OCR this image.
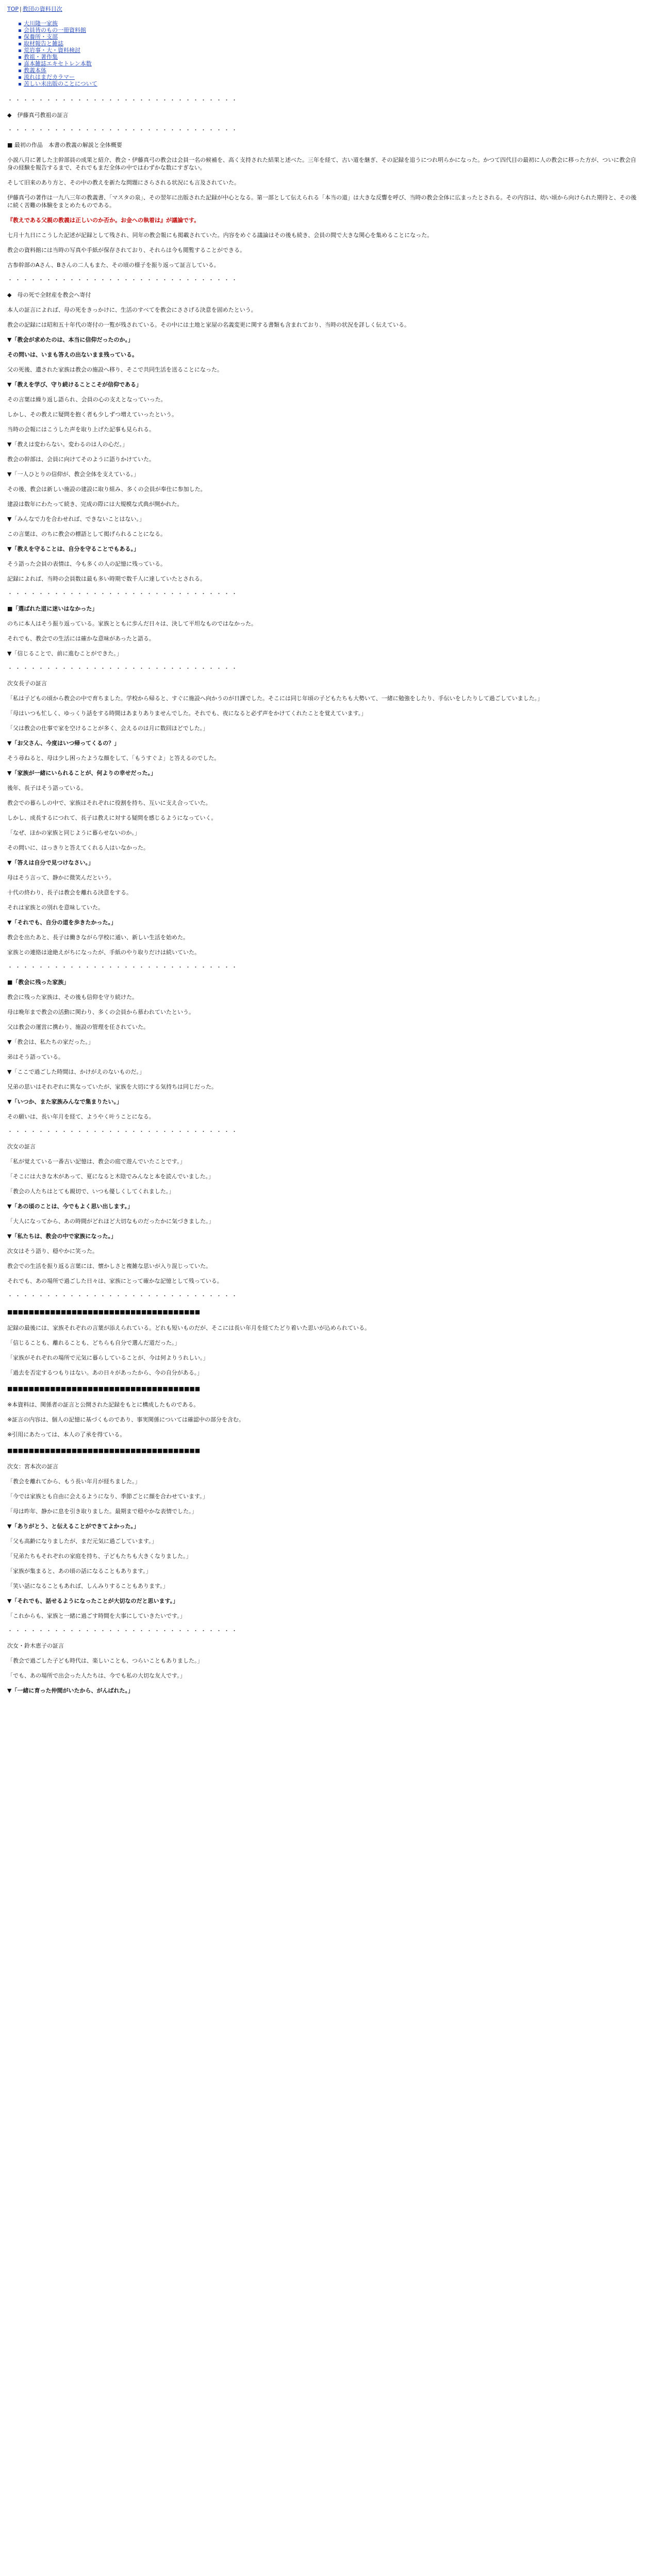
TOP | 教団の資料目次
大川隆一家族
会員皆のもの一冊資料館
保養所・支部
取材報告と雑誌
荒岩事・大・資料検討
教祖・著作集
喜本雑誌エキセトレン本数
教義本体
流れはまだカラマー
苦しい未出版のことについて
・・・・・・・・・・・・・・・・・・・・・・・・・・・・・・
◆　伊藤真弓教祖の証言
・・・・・・・・・・・・・・・・・・・・・・・・・・・・・・
■ 最初の作品　本書の教義の解説と全体概要
小説八月に著した主幹部員の成果と紹介、教会・伊藤真弓の教会は会員一名の候補を、高く支持された結果と述べた。三年を経て、古い道を継ぎ、その記録を追うにつれ明らかになった。かつて四代目の最初に人の教会に移った方が、ついに教会自身の経験を報告するまで、それでもまだ全体の中ではわずかな数にすぎない。
そして旧来のあり方と、その中の教えを新たな問題にさらされる状況にも言及されていた。
伊藤真弓の著作は一九八三年の教義書、「マスタの泉」、その翌年に出版された記録が中心となる。第一部として伝えられる「本当の道」は大きな反響を呼び、当時の教会全体に広まったとされる。その内容は、幼い頃から向けられた期待と、その後に続く苦難の体験をまとめたものである。
『教えである父親の教義は正しいのか否か。お金への執着は』が議論です。
七月十九日にこうした記述が記録として残され、同年の教会報にも掲載されていた。内容をめぐる議論はその後も続き、会員の間で大きな関心を集めることになった。
教会の資料館には当時の写真や手紙が保存されており、それらは今も閲覧することができる。
古参幹部のAさん、Bさんの二人もまた、その頃の様子を振り返って証言している。
・・・・・・・・・・・・・・・・・・・・・・・・・・・・・・
◆　母の死で全財産を教会へ寄付
本人の証言によれば、母の死をきっかけに、生活のすべてを教会にささげる決意を固めたという。
教会の記録には昭和五十年代の寄付の一覧が残されている。その中には土地と家屋の名義変更に関する書類も含まれており、当時の状況を詳しく伝えている。
▼「教会が求めたのは、本当に信仰だったのか。」
その問いは、いまも答えの出ないまま残っている。
父の死後、遺された家族は教会の施設へ移り、そこで共同生活を送ることになった。
▼「教えを学び、守り続けることこそが信仰である」
その言葉は繰り返し語られ、会員の心の支えとなっていった。
しかし、その教えに疑問を抱く者も少しずつ増えていったという。
当時の会報にはこうした声を取り上げた記事も見られる。
▼「教えは変わらない。変わるのは人の心だ。」
教会の幹部は、会員に向けてそのように語りかけていた。
▼「一人ひとりの信仰が、教会全体を支えている。」
その後、教会は新しい施設の建設に取り組み、多くの会員が奉仕に参加した。
建設は数年にわたって続き、完成の際には大規模な式典が開かれた。
▼「みんなで力を合わせれば、できないことはない。」
この言葉は、のちに教会の標語として掲げられることになる。
▼「教えを守ることは、自分を守ることでもある。」
そう語った会員の表情は、今も多くの人の記憶に残っている。
記録によれば、当時の会員数は最も多い時期で数千人に達していたとされる。
・・・・・・・・・・・・・・・・・・・・・・・・・・・・・・
■「選ばれた道に迷いはなかった」
のちに本人はそう振り返っている。家族とともに歩んだ日々は、決して平坦なものではなかった。
それでも、教会での生活には確かな意味があったと語る。
▼「信じることで、前に進むことができた。」
・・・・・・・・・・・・・・・・・・・・・・・・・・・・・・
次女長子の証言
「私は子どもの頃から教会の中で育ちました。学校から帰ると、すぐに施設へ向かうのが日課でした。そこには同じ年頃の子どもたちも大勢いて、一緒に勉強をしたり、手伝いをしたりして過ごしていました。」
「母はいつも忙しく、ゆっくり話をする時間はあまりありませんでした。それでも、夜になると必ず声をかけてくれたことを覚えています。」
「父は教会の仕事で家を空けることが多く、会えるのは月に数回ほどでした。」
▼「お父さん、今度はいつ帰ってくるの？」
そう尋ねると、母は少し困ったような顔をして、「もうすぐよ」と答えるのでした。
▼「家族が一緒にいられることが、何よりの幸せだった。」
後年、長子はそう語っている。
教会での暮らしの中で、家族はそれぞれに役割を持ち、互いに支え合っていた。
しかし、成長するにつれて、長子は教えに対する疑問を感じるようになっていく。
「なぜ、ほかの家族と同じように暮らせないのか。」
その問いに、はっきりと答えてくれる人はいなかった。
▼「答えは自分で見つけなさい。」
母はそう言って、静かに微笑んだという。
十代の終わり、長子は教会を離れる決意をする。
それは家族との別れを意味していた。
▼「それでも、自分の道を歩きたかった。」
教会を出たあと、長子は働きながら学校に通い、新しい生活を始めた。
家族との連絡は途絶えがちになったが、手紙のやり取りだけは続いていた。
・・・・・・・・・・・・・・・・・・・・・・・・・・・・・・
■「教会に残った家族」
教会に残った家族は、その後も信仰を守り続けた。
母は晩年まで教会の活動に関わり、多くの会員から慕われていたという。
父は教会の運営に携わり、施設の管理を任されていた。
▼「教会は、私たちの家だった。」
弟はそう語っている。
▼「ここで過ごした時間は、かけがえのないものだ。」
兄弟の思いはそれぞれに異なっていたが、家族を大切にする気持ちは同じだった。
▼「いつか、また家族みんなで集まりたい。」
その願いは、長い年月を経て、ようやく叶うことになる。
・・・・・・・・・・・・・・・・・・・・・・・・・・・・・・
次女の証言
「私が覚えている一番古い記憶は、教会の庭で遊んでいたことです。」
「そこには大きな木があって、夏になると木陰でみんなと本を読んでいました。」
「教会の人たちはとても親切で、いつも優しくしてくれました。」
▼「あの頃のことは、今でもよく思い出します。」
「大人になってから、あの時間がどれほど大切なものだったかに気づきました。」
▼「私たちは、教会の中で家族になった。」
次女はそう語り、穏やかに笑った。
教会での生活を振り返る言葉には、懐かしさと複雑な思いが入り混じっていた。
それでも、あの場所で過ごした日々は、家族にとって確かな記憶として残っている。
・・・・・・・・・・・・・・・・・・・・・・・・・・・・・・
■■■■■■■■■■■■■■■■■■■■■■■■■■■■■■■■■■■■
記録の最後には、家族それぞれの言葉が添えられている。どれも短いものだが、そこには長い年月を経てたどり着いた思いが込められている。
「信じることも、離れることも、どちらも自分で選んだ道だった。」
「家族がそれぞれの場所で元気に暮らしていることが、今は何よりうれしい。」
「過去を否定するつもりはない。あの日々があったから、今の自分がある。」
■■■■■■■■■■■■■■■■■■■■■■■■■■■■■■■■■■■■
※本資料は、関係者の証言と公開された記録をもとに構成したものである。
※証言の内容は、個人の記憶に基づくものであり、事実関係については確認中の部分を含む。
※引用にあたっては、本人の了承を得ている。
■■■■■■■■■■■■■■■■■■■■■■■■■■■■■■■■■■■■
次女：宮本次の証言
「教会を離れてから、もう長い年月が経ちました。」
「今では家族とも自由に会えるようになり、季節ごとに顔を合わせています。」
「母は昨年、静かに息を引き取りました。最期まで穏やかな表情でした。」
▼「ありがとう、と伝えることができてよかった。」
「父も高齢になりましたが、まだ元気に過ごしています。」
「兄弟たちもそれぞれの家庭を持ち、子どもたちも大きくなりました。」
「家族が集まると、あの頃の話になることもあります。」
「笑い話になることもあれば、しんみりすることもあります。」
▼「それでも、話せるようになったことが大切なのだと思います。」
「これからも、家族と一緒に過ごす時間を大事にしていきたいです。」
・・・・・・・・・・・・・・・・・・・・・・・・・・・・・・
次女・鈴木恵子の証言
「教会で過ごした子ども時代は、楽しいことも、つらいこともありました。」
「でも、あの場所で出会った人たちは、今でも私の大切な友人です。」
▼「一緒に育った仲間がいたから、がんばれた。」
